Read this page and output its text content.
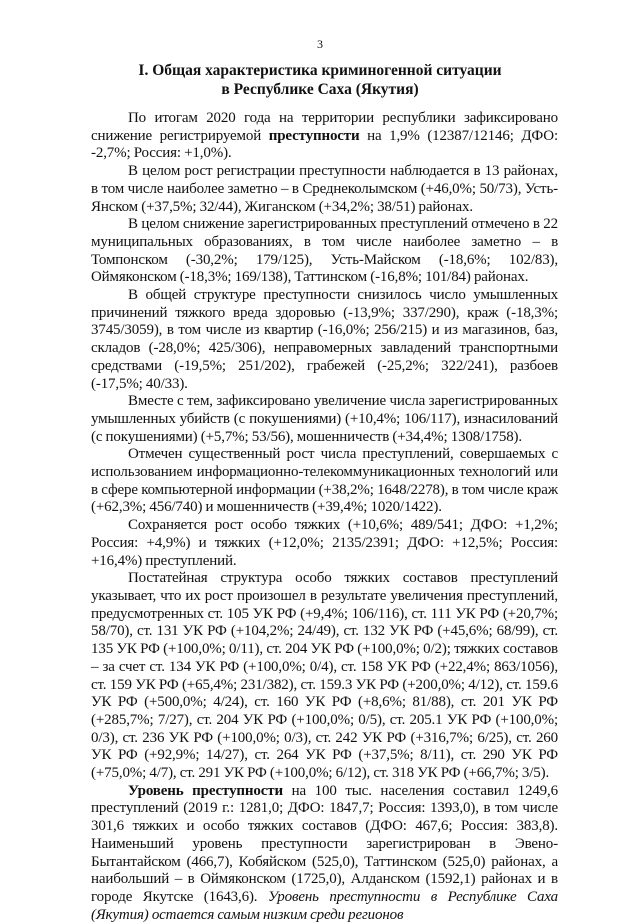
3
I. Общая характеристика криминогенной ситуации
в Республике Саха (Якутия)

По итогам 2020 года на территории республики зафиксировано снижение регистрируемой преступности на 1,9% (12387/12146; ДФО: -2,7%; Россия: +1,0%).

В целом рост регистрации преступности наблюдается в 13 районах, в том числе наиболее заметно – в Среднеколымском (+46,0%; 50/73), Усть-Янском (+37,5%; 32/44), Жиганском (+34,2%; 38/51) районах.

В целом снижение зарегистрированных преступлений отмечено в 22 муниципальных образованиях, в том числе наиболее заметно – в Томпонском (-30,2%; 179/125), Усть-Майском (-18,6%; 102/83), Оймяконском (-18,3%; 169/138), Таттинском (-16,8%; 101/84) районах.

В общей структуре преступности снизилось число умышленных причинений тяжкого вреда здоровью (-13,9%; 337/290), краж (-18,3%; 3745/3059), в том числе из квартир (-16,0%; 256/215) и из магазинов, баз, складов (-28,0%; 425/306), неправомерных завладений транспортными средствами (-19,5%; 251/202), грабежей (-25,2%; 322/241), разбоев (-17,5%; 40/33).

Вместе с тем, зафиксировано увеличение числа зарегистрированных умышленных убийств (с покушениями) (+10,4%; 106/117), изнасилований (с покушениями) (+5,7%; 53/56), мошенничеств (+34,4%; 1308/1758).

Отмечен существенный рост числа преступлений, совершаемых с использованием информационно-телекоммуникационных технологий или в сфере компьютерной информации (+38,2%; 1648/2278), в том числе краж (+62,3%; 456/740) и мошенничеств (+39,4%; 1020/1422).

Сохраняется рост особо тяжких (+10,6%; 489/541; ДФО: +1,2%; Россия: +4,9%) и тяжких (+12,0%; 2135/2391; ДФО: +12,5%; Россия: +16,4%) преступлений.

Постатейная структура особо тяжких составов преступлений указывает, что их рост произошел в результате увеличения преступлений, предусмотренных ст. 105 УК РФ (+9,4%; 106/116), ст. 111 УК РФ (+20,7%; 58/70), ст. 131 УК РФ (+104,2%; 24/49), ст. 132 УК РФ (+45,6%; 68/99), ст. 135 УК РФ (+100,0%; 0/11), ст. 204 УК РФ (+100,0%; 0/2); тяжких составов – за счет ст. 134 УК РФ (+100,0%; 0/4), ст. 158 УК РФ (+22,4%; 863/1056), ст. 159 УК РФ (+65,4%; 231/382), ст. 159.3 УК РФ (+200,0%; 4/12), ст. 159.6 УК РФ (+500,0%; 4/24), ст. 160 УК РФ (+8,6%; 81/88), ст. 201 УК РФ (+285,7%; 7/27), ст. 204 УК РФ (+100,0%; 0/5), ст. 205.1 УК РФ (+100,0%; 0/3), ст. 236 УК РФ (+100,0%; 0/3), ст. 242 УК РФ (+316,7%; 6/25), ст. 260 УК РФ (+92,9%; 14/27), ст. 264 УК РФ (+37,5%; 8/11), ст. 290 УК РФ (+75,0%; 4/7), ст. 291 УК РФ (+100,0%; 6/12), ст. 318 УК РФ (+66,7%; 3/5).

Уровень преступности на 100 тыс. населения составил 1249,6 преступлений (2019 г.: 1281,0; ДФО: 1847,7; Россия: 1393,0), в том числе 301,6 тяжких и особо тяжких составов (ДФО: 467,6; Россия: 383,8). Наименьший уровень преступности зарегистрирован в Эвено-Бытантайском (466,7), Кобяйском (525,0), Таттинском (525,0) районах, а наибольший – в Оймяконском (1725,0), Алданском (1592,1) районах и в городе Якутске (1643,6). Уровень преступности в Республике Саха (Якутия) остается самым низким среди регионов
